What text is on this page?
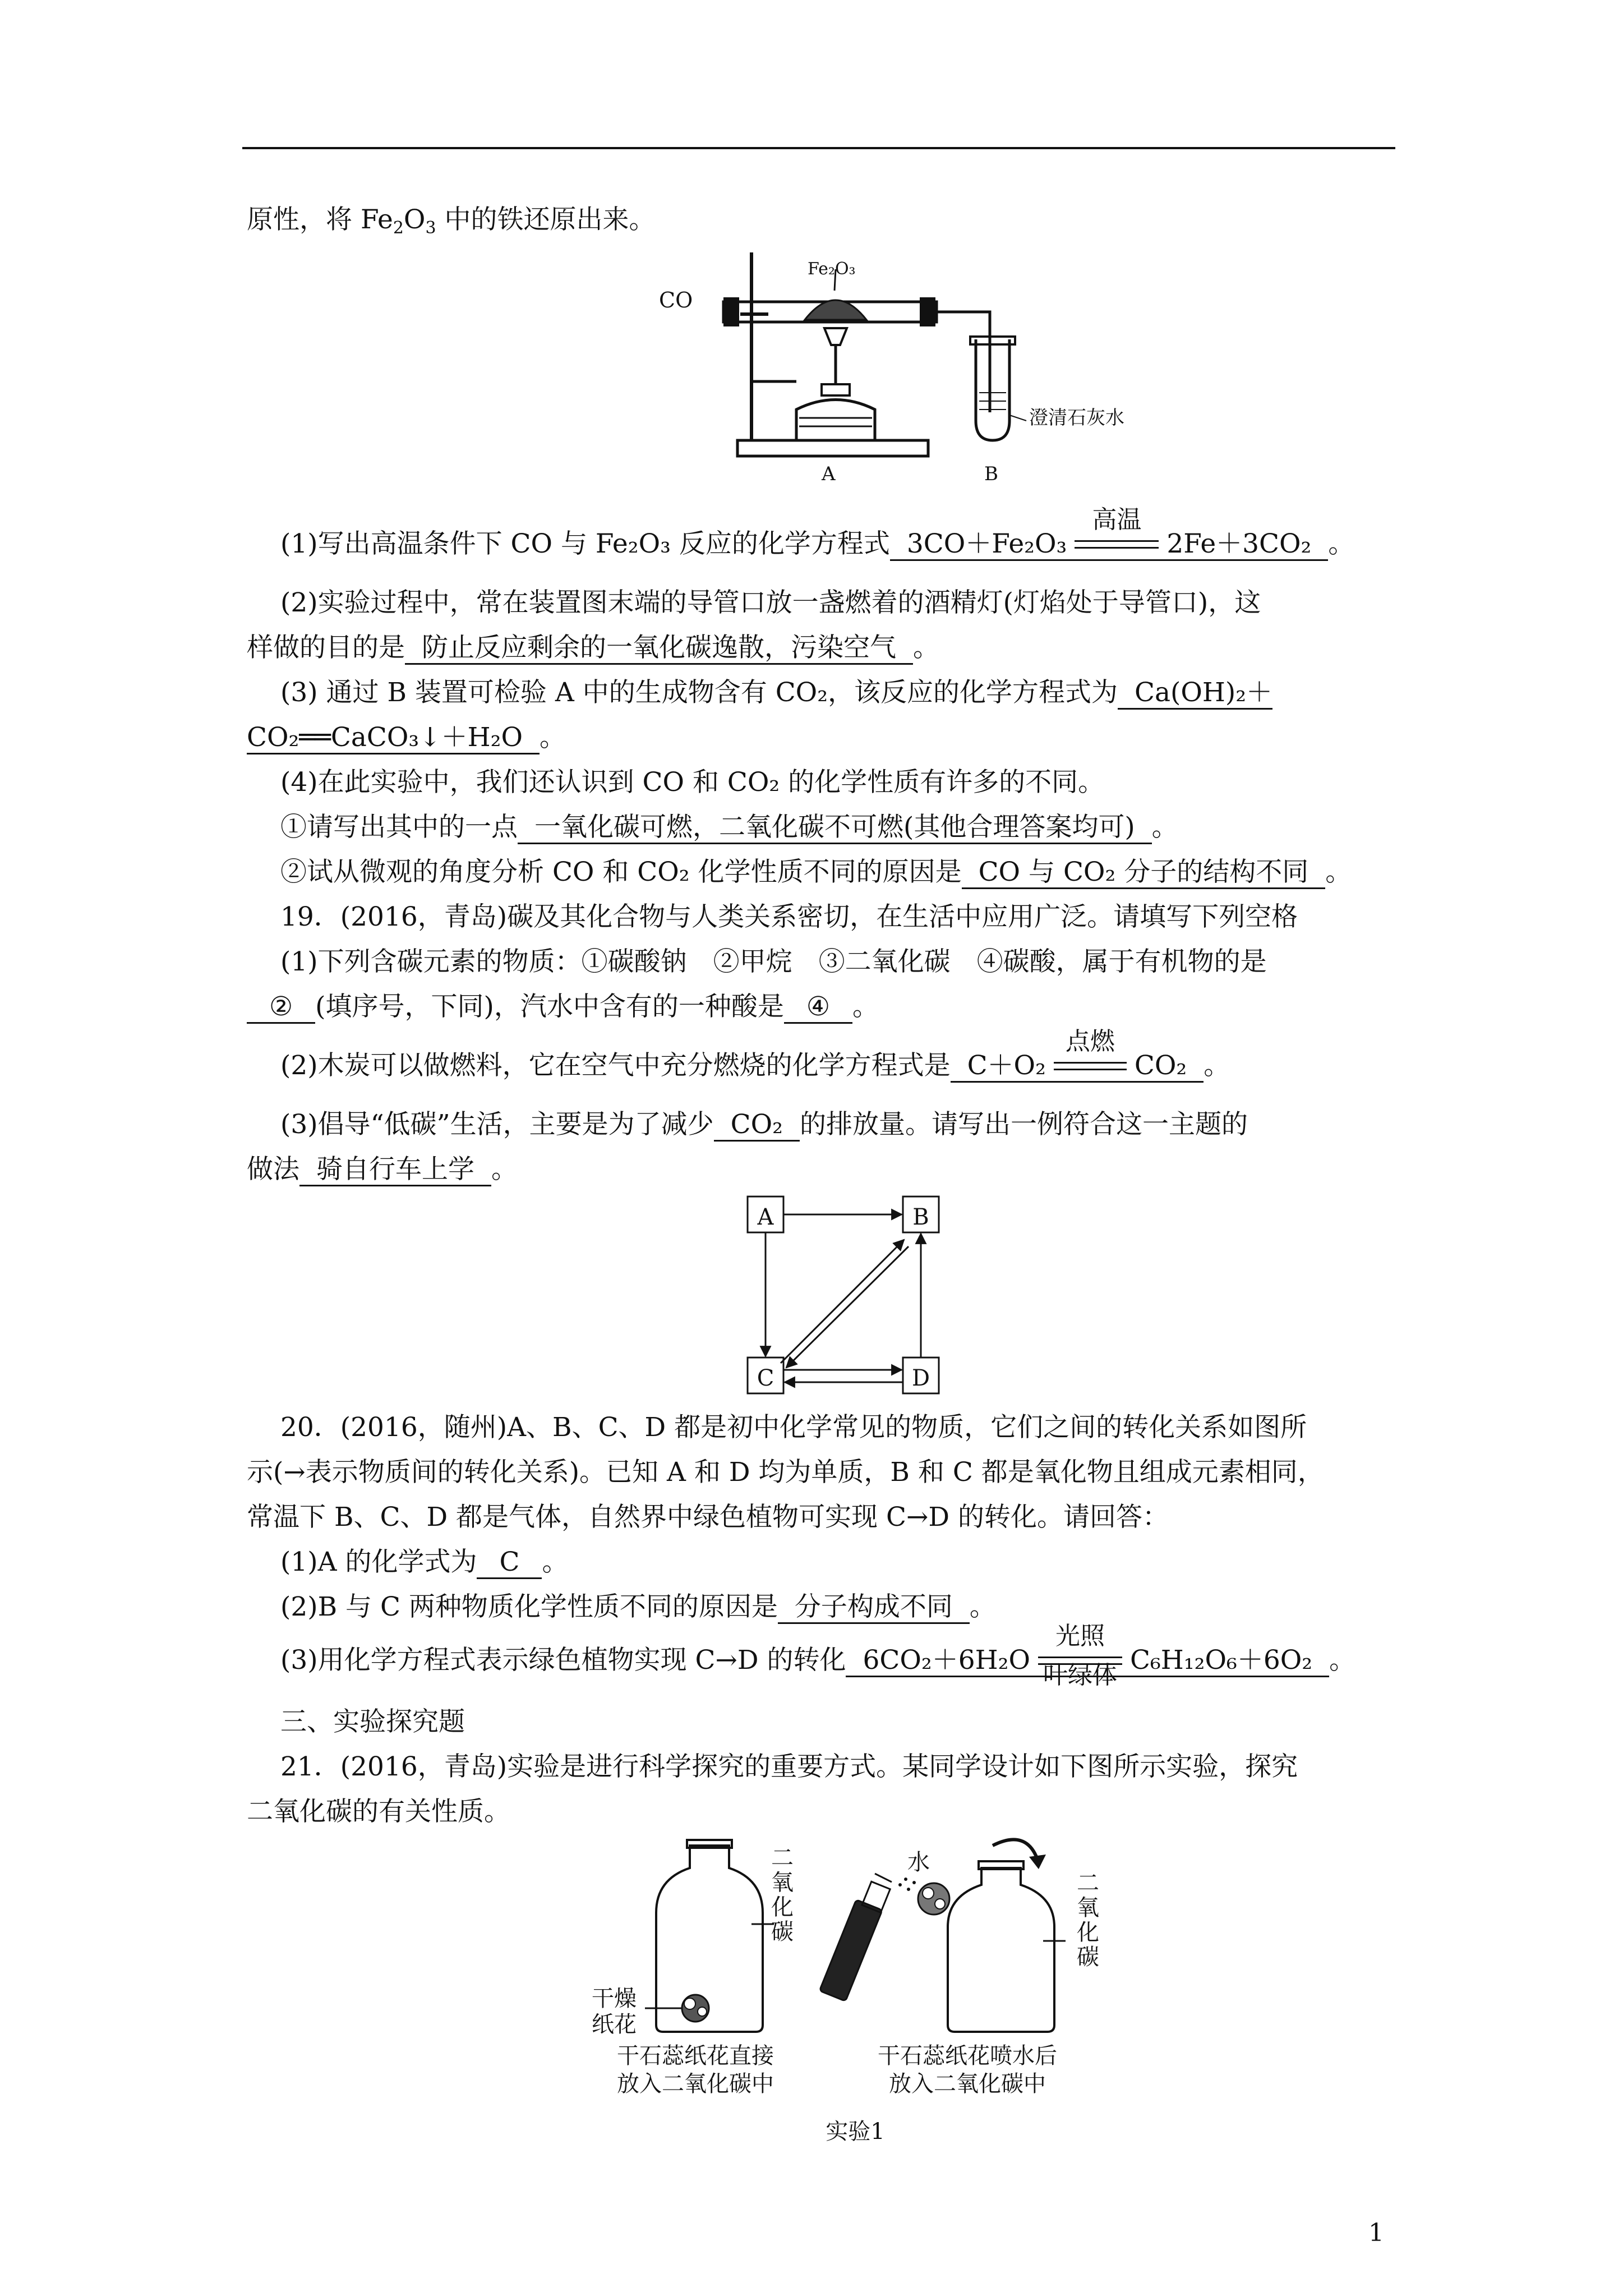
原性，将 $Fe_2O_3$ 中的铁还原出来。
CO
Fe₂O₃
澄清石灰水
A	B
(1)写出高温条件下 CO 与 Fe₂O₃ 反应的化学方程式 3CO＋Fe₂O₃
高温
2Fe＋3CO₂ 。
(2)实验过程中，常在装置图末端的导管口放一盏燃着的酒精灯(灯焰处于导管口)，这
样做的目的是 防止反应剩余的一氧化碳逸散，污染空气 。
(3) 通过 B 装置可检验 A 中的生成物含有 CO₂，该反应的化学方程式为 Ca(OH)₂＋
CO₂══CaCO₃↓＋H₂O 。
(4)在此实验中，我们还认识到 CO 和 CO₂ 的化学性质有许多的不同。
①请写出其中的一点 一氧化碳可燃，二氧化碳不可燃(其他合理答案均可) 。
②试从微观的角度分析 CO 和 CO₂ 化学性质不同的原因是 CO 与 CO₂ 分子的结构不同 。
19．(2016，青岛)碳及其化合物与人类关系密切，在生活中应用广泛。请填写下列空格
(1)下列含碳元素的物质：①碳酸钠　②甲烷　③二氧化碳　④碳酸，属于有机物的是
② (填序号，下同)，汽水中含有的一种酸是 ④ 。
(2)木炭可以做燃料，它在空气中充分燃烧的化学方程式是 C＋O₂
点燃
CO₂ 。
(3)倡导“低碳”生活，主要是为了减少 CO₂ 的排放量。请写出一例符合这一主题的
做法 骑自行车上学 。
A	B
C	D
20．(2016，随州)A、B、C、D 都是初中化学常见的物质，它们之间的转化关系如图所
示(→表示物质间的转化关系)。已知 A 和 D 均为单质，B 和 C 都是氧化物且组成元素相同，
常温下 B、C、D 都是气体，自然界中绿色植物可实现 C→D 的转化。请回答：
(1)A 的化学式为 C 。
(2)B 与 C 两种物质化学性质不同的原因是 分子构成不同 。
(3)用化学方程式表示绿色植物实现 C→D 的转化 6CO₂＋6H₂O
光照
叶绿体 C₆H₁₂O₆＋6O₂ 。
三、实验探究题
21．(2016，青岛)实验是进行科学探究的重要方式。某同学设计如下图所示实验，探究
二氧化碳的有关性质。
二氧化碳
干燥纸花
干石蕊纸花直接
放入二氧化碳中
水
二氧化碳
干石蕊纸花喷水后
放入二氧化碳中
实验1
1
